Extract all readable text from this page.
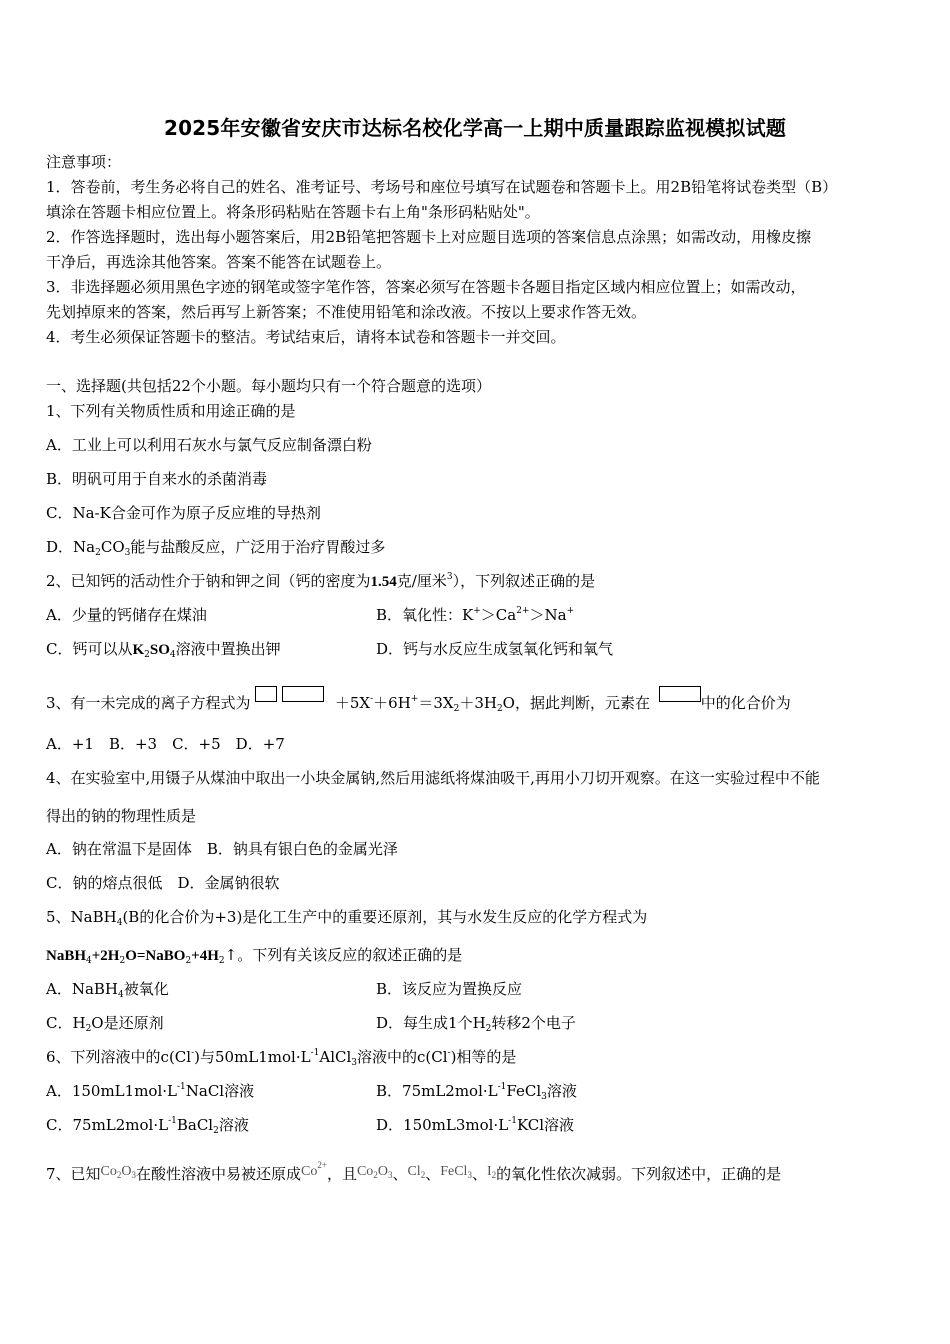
2025年安徽省安庆市达标名校化学高一上期中质量跟踪监视模拟试题
注意事项：
1．答卷前，考生务必将自己的姓名、准考证号、考场号和座位号填写在试题卷和答题卡上。用2B铅笔将试卷类型（B）
填涂在答题卡相应位置上。将条形码粘贴在答题卡右上角"条形码粘贴处"。
2．作答选择题时，选出每小题答案后，用2B铅笔把答题卡上对应题目选项的答案信息点涂黑；如需改动，用橡皮擦
干净后，再选涂其他答案。答案不能答在试题卷上。
3．非选择题必须用黑色字迹的钢笔或签字笔作答，答案必须写在答题卡各题目指定区域内相应位置上；如需改动，
先划掉原来的答案，然后再写上新答案；不准使用铅笔和涂改液。不按以上要求作答无效。
4．考生必须保证答题卡的整洁。考试结束后，请将本试卷和答题卡一并交回。
一、选择题(共包括22个小题。每小题均只有一个符合题意的选项）
1、下列有关物质性质和用途正确的是
A．工业上可以利用石灰水与氯气反应制备漂白粉
B．明矾可用于自来水的杀菌消毒
C．Na-K合金可作为原子反应堆的导热剂
D．$Na_2CO_3$能与盐酸反应，广泛用于治疗胃酸过多
2、已知钙的活动性介于钠和钾之间（钙的密度为1.54克/厘米$^3$），下列叙述正确的是
A．少量的钙储存在煤油	B．氧化性：$K^+>Ca^{2+}>Na^+$
C．钙可以从$K_2SO_4$溶液中置换出钾	D．钙与水反应生成氢氧化钙和氧气
3、有一未完成的离子方程式为	$+5X^-+6H^+=3X_2+3H_2O$，据此判断，元素在	中的化合价为
A．+1　B．+3　C．+5　D．+7
4、在实验室中,用镊子从煤油中取出一小块金属钠,然后用滤纸将煤油吸干,再用小刀切开观察。在这一实验过程中不能
得出的钠的物理性质是
A．钠在常温下是固体　B．钠具有银白色的金属光泽
C．钠的熔点很低　D．金属钠很软
5、NaBH$_4$(B的化合价为+3)是化工生产中的重要还原剂，其与水发生反应的化学方程式为
$NaBH_4+2H_2O=NaBO_2+4H_2↑$。下列有关该反应的叙述正确的是
A．NaBH$_4$被氧化	B．该反应为置换反应
C．$H_2O$是还原剂	D．每生成1个$H_2$转移2个电子
6、下列溶液中的c(Cl-)与$50mL1mol\cdot L^{-1}AlCl_3$溶液中的c(Cl-)相等的是
A．$150mL1mol\cdot L^{-1}NaCl$溶液	B．$75mL2mol\cdot L^{-1}FeCl_3$溶液
C．$75mL2mol\cdot L^{-1}BaCl_2$溶液	D．$150mL3mol\cdot L^{-1}KCl$溶液
7、已知$Co_2O_3$在酸性溶液中易被还原成$Co^{2+}$，且$Co_2O_3$、$Cl_2$、FeCl$_3$、$I_2$的氧化性依次减弱。下列叙述中，正确的是
